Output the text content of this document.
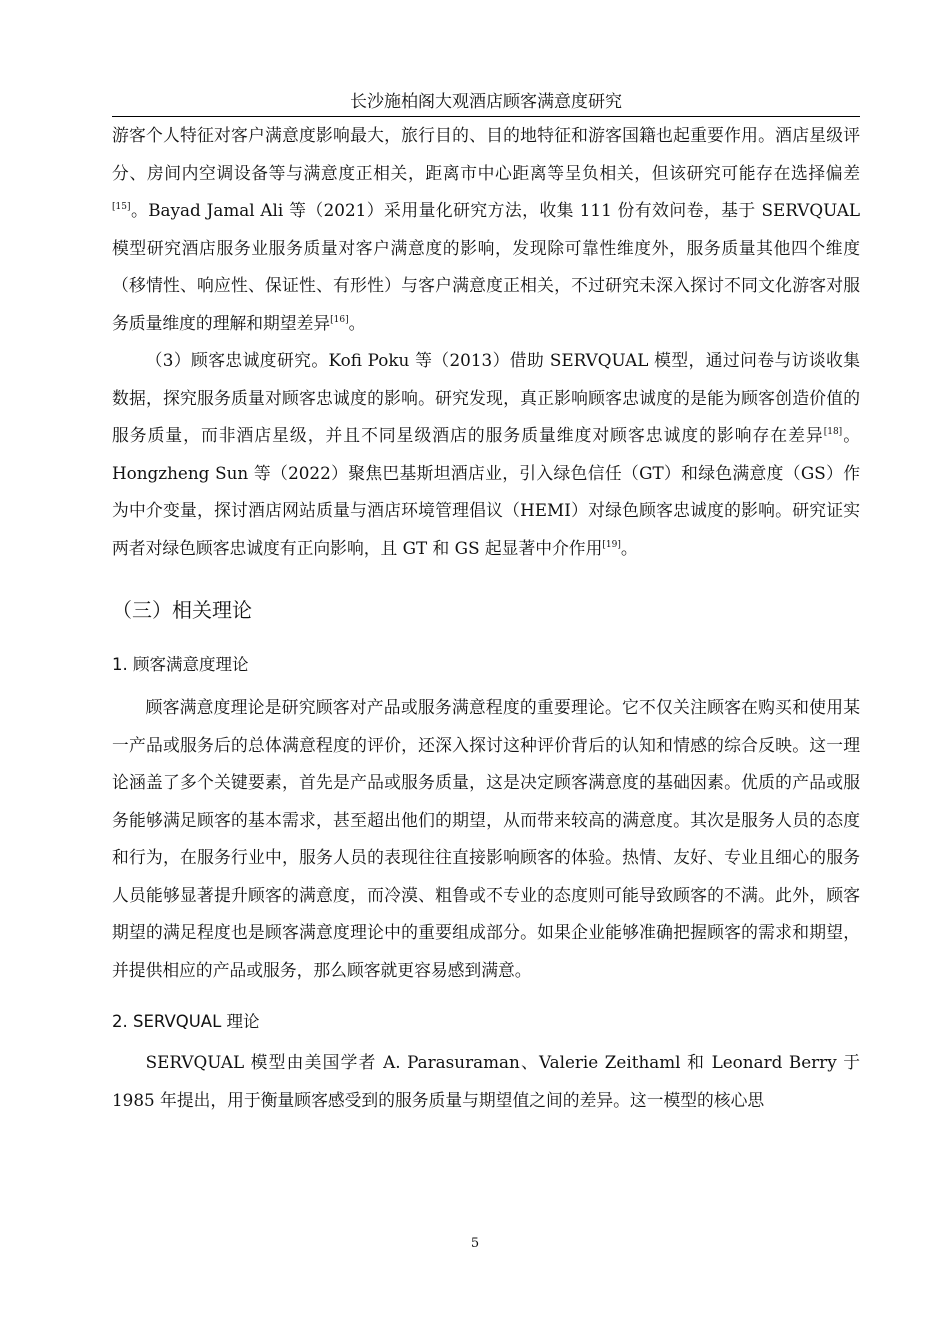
长沙施柏阁大观酒店顾客满意度研究

游客个人特征对客户满意度影响最大，旅行目的、目的地特征和游客国籍也起重要作用。酒店星级评分、房间内空调设备等与满意度正相关，距离市中心距离等呈负相关，但该研究可能存在选择偏差[15]。Bayad Jamal Ali 等（2021）采用量化研究方法，收集 111 份有效问卷，基于 SERVQUAL 模型研究酒店服务业服务质量对客户满意度的影响，发现除可靠性维度外，服务质量其他四个维度（移情性、响应性、保证性、有形性）与客户满意度正相关，不过研究未深入探讨不同文化游客对服务质量维度的理解和期望差异[16]。

（3）顾客忠诚度研究。Kofi Poku 等（2013）借助 SERVQUAL 模型，通过问卷与访谈收集数据，探究服务质量对顾客忠诚度的影响。研究发现，真正影响顾客忠诚度的是能为顾客创造价值的服务质量，而非酒店星级，并且不同星级酒店的服务质量维度对顾客忠诚度的影响存在差异[18]。Hongzheng Sun 等（2022）聚焦巴基斯坦酒店业，引入绿色信任（GT）和绿色满意度（GS）作为中介变量，探讨酒店网站质量与酒店环境管理倡议（HEMI）对绿色顾客忠诚度的影响。研究证实两者对绿色顾客忠诚度有正向影响，且 GT 和 GS 起显著中介作用[19]。

（三）相关理论
1. 顾客满意度理论

顾客满意度理论是研究顾客对产品或服务满意程度的重要理论。它不仅关注顾客在购买和使用某一产品或服务后的总体满意程度的评价，还深入探讨这种评价背后的认知和情感的综合反映。这一理论涵盖了多个关键要素，首先是产品或服务质量，这是决定顾客满意度的基础因素。优质的产品或服务能够满足顾客的基本需求，甚至超出他们的期望，从而带来较高的满意度。其次是服务人员的态度和行为，在服务行业中，服务人员的表现往往直接影响顾客的体验。热情、友好、专业且细心的服务人员能够显著提升顾客的满意度，而冷漠、粗鲁或不专业的态度则可能导致顾客的不满。此外，顾客期望的满足程度也是顾客满意度理论中的重要组成部分。如果企业能够准确把握顾客的需求和期望，并提供相应的产品或服务，那么顾客就更容易感到满意。

2. SERVQUAL 理论

SERVQUAL 模型由美国学者 A. Parasuraman、Valerie Zeithaml 和 Leonard Berry 于 1985 年提出，用于衡量顾客感受到的服务质量与期望值之间的差异。这一模型的核心思

5
